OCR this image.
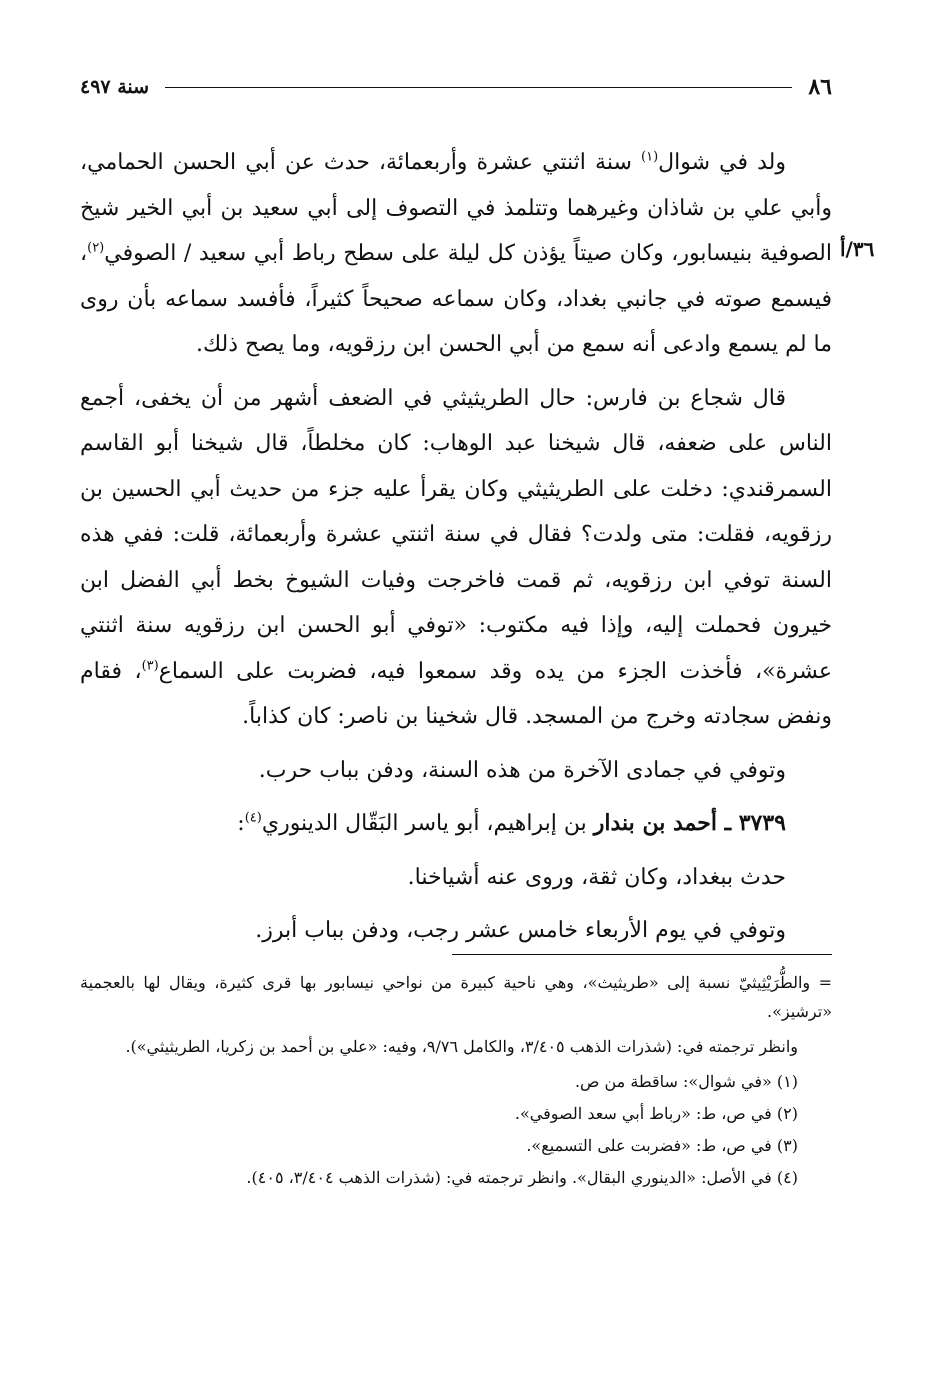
٨٦
سنة ٤٩٧
٣٦/أ

ولد في شوال$^{(١)}$ سنة اثنتي عشرة وأربعمائة، حدث عن أبي الحسن الحمامي، وأبي علي بن شاذان وغيرهما وتتلمذ في التصوف إلى أبي سعيد بن أبي الخير شيخ الصوفية بنيسابور، وكان صيتاً يؤذن كل ليلة على سطح رباط أبي سعيد / الصوفي$^{(٢)}$، فيسمع صوته في جانبي بغداد، وكان سماعه صحيحاً كثيراً، فأفسد سماعه بأن روى ما لم يسمع وادعى أنه سمع من أبي الحسن ابن رزقويه، وما يصح ذلك.

قال شجاع بن فارس: حال الطريثيثي في الضعف أشهر من أن يخفى، أجمع الناس على ضعفه، قال شيخنا عبد الوهاب: كان مخلطاً، قال شيخنا أبو القاسم السمرقندي: دخلت على الطريثيثي وكان يقرأ عليه جزء من حديث أبي الحسين بن رزقويه، فقلت: متى ولدت؟ فقال في سنة اثنتي عشرة وأربعمائة، قلت: ففي هذه السنة توفي ابن رزقويه، ثم قمت فاخرجت وفيات الشيوخ بخط أبي الفضل ابن خيرون فحملت إليه، وإذا فيه مكتوب: «توفي أبو الحسن ابن رزقويه سنة اثنتي عشرة»، فأخذت الجزء من يده وقد سمعوا فيه، فضربت على السماع$^{(٣)}$، فقام ونفض سجادته وخرج من المسجد. قال شخينا بن ناصر: كان كذاباً.

وتوفي في جمادى الآخرة من هذه السنة، ودفن بباب حرب.

٣٧٣٩ ـ أحمد بن بندار بن إبراهيم، أبو ياسر البَقّال الدينوري$^{(٤)}$:

حدث ببغداد، وكان ثقة، وروى عنه أشياخنا.

وتوفي في يوم الأربعاء خامس عشر رجب، ودفن بباب أبرز.

= والطُّرَيْثِيثيّ نسبة إلى «طريثيث»، وهي ناحية كبيرة من نواحي نيسابور بها قرى كثيرة، ويقال لها بالعجمية «ترشيز».

وانظر ترجمته في: (شذرات الذهب ٣/٤٠٥، والكامل ٩/٧٦، وفيه: «علي بن أحمد بن زكريا، الطريثيثي»).

(١) «في شوال»: ساقطة من ص.

(٢) في ص، ط: «رباط أبي سعد الصوفي».

(٣) في ص، ط: «فضربت على التسميع».

(٤) في الأصل: «الدينوري البقال». وانظر ترجمته في: (شذرات الذهب ٣/٤٠٤، ٤٠٥).
